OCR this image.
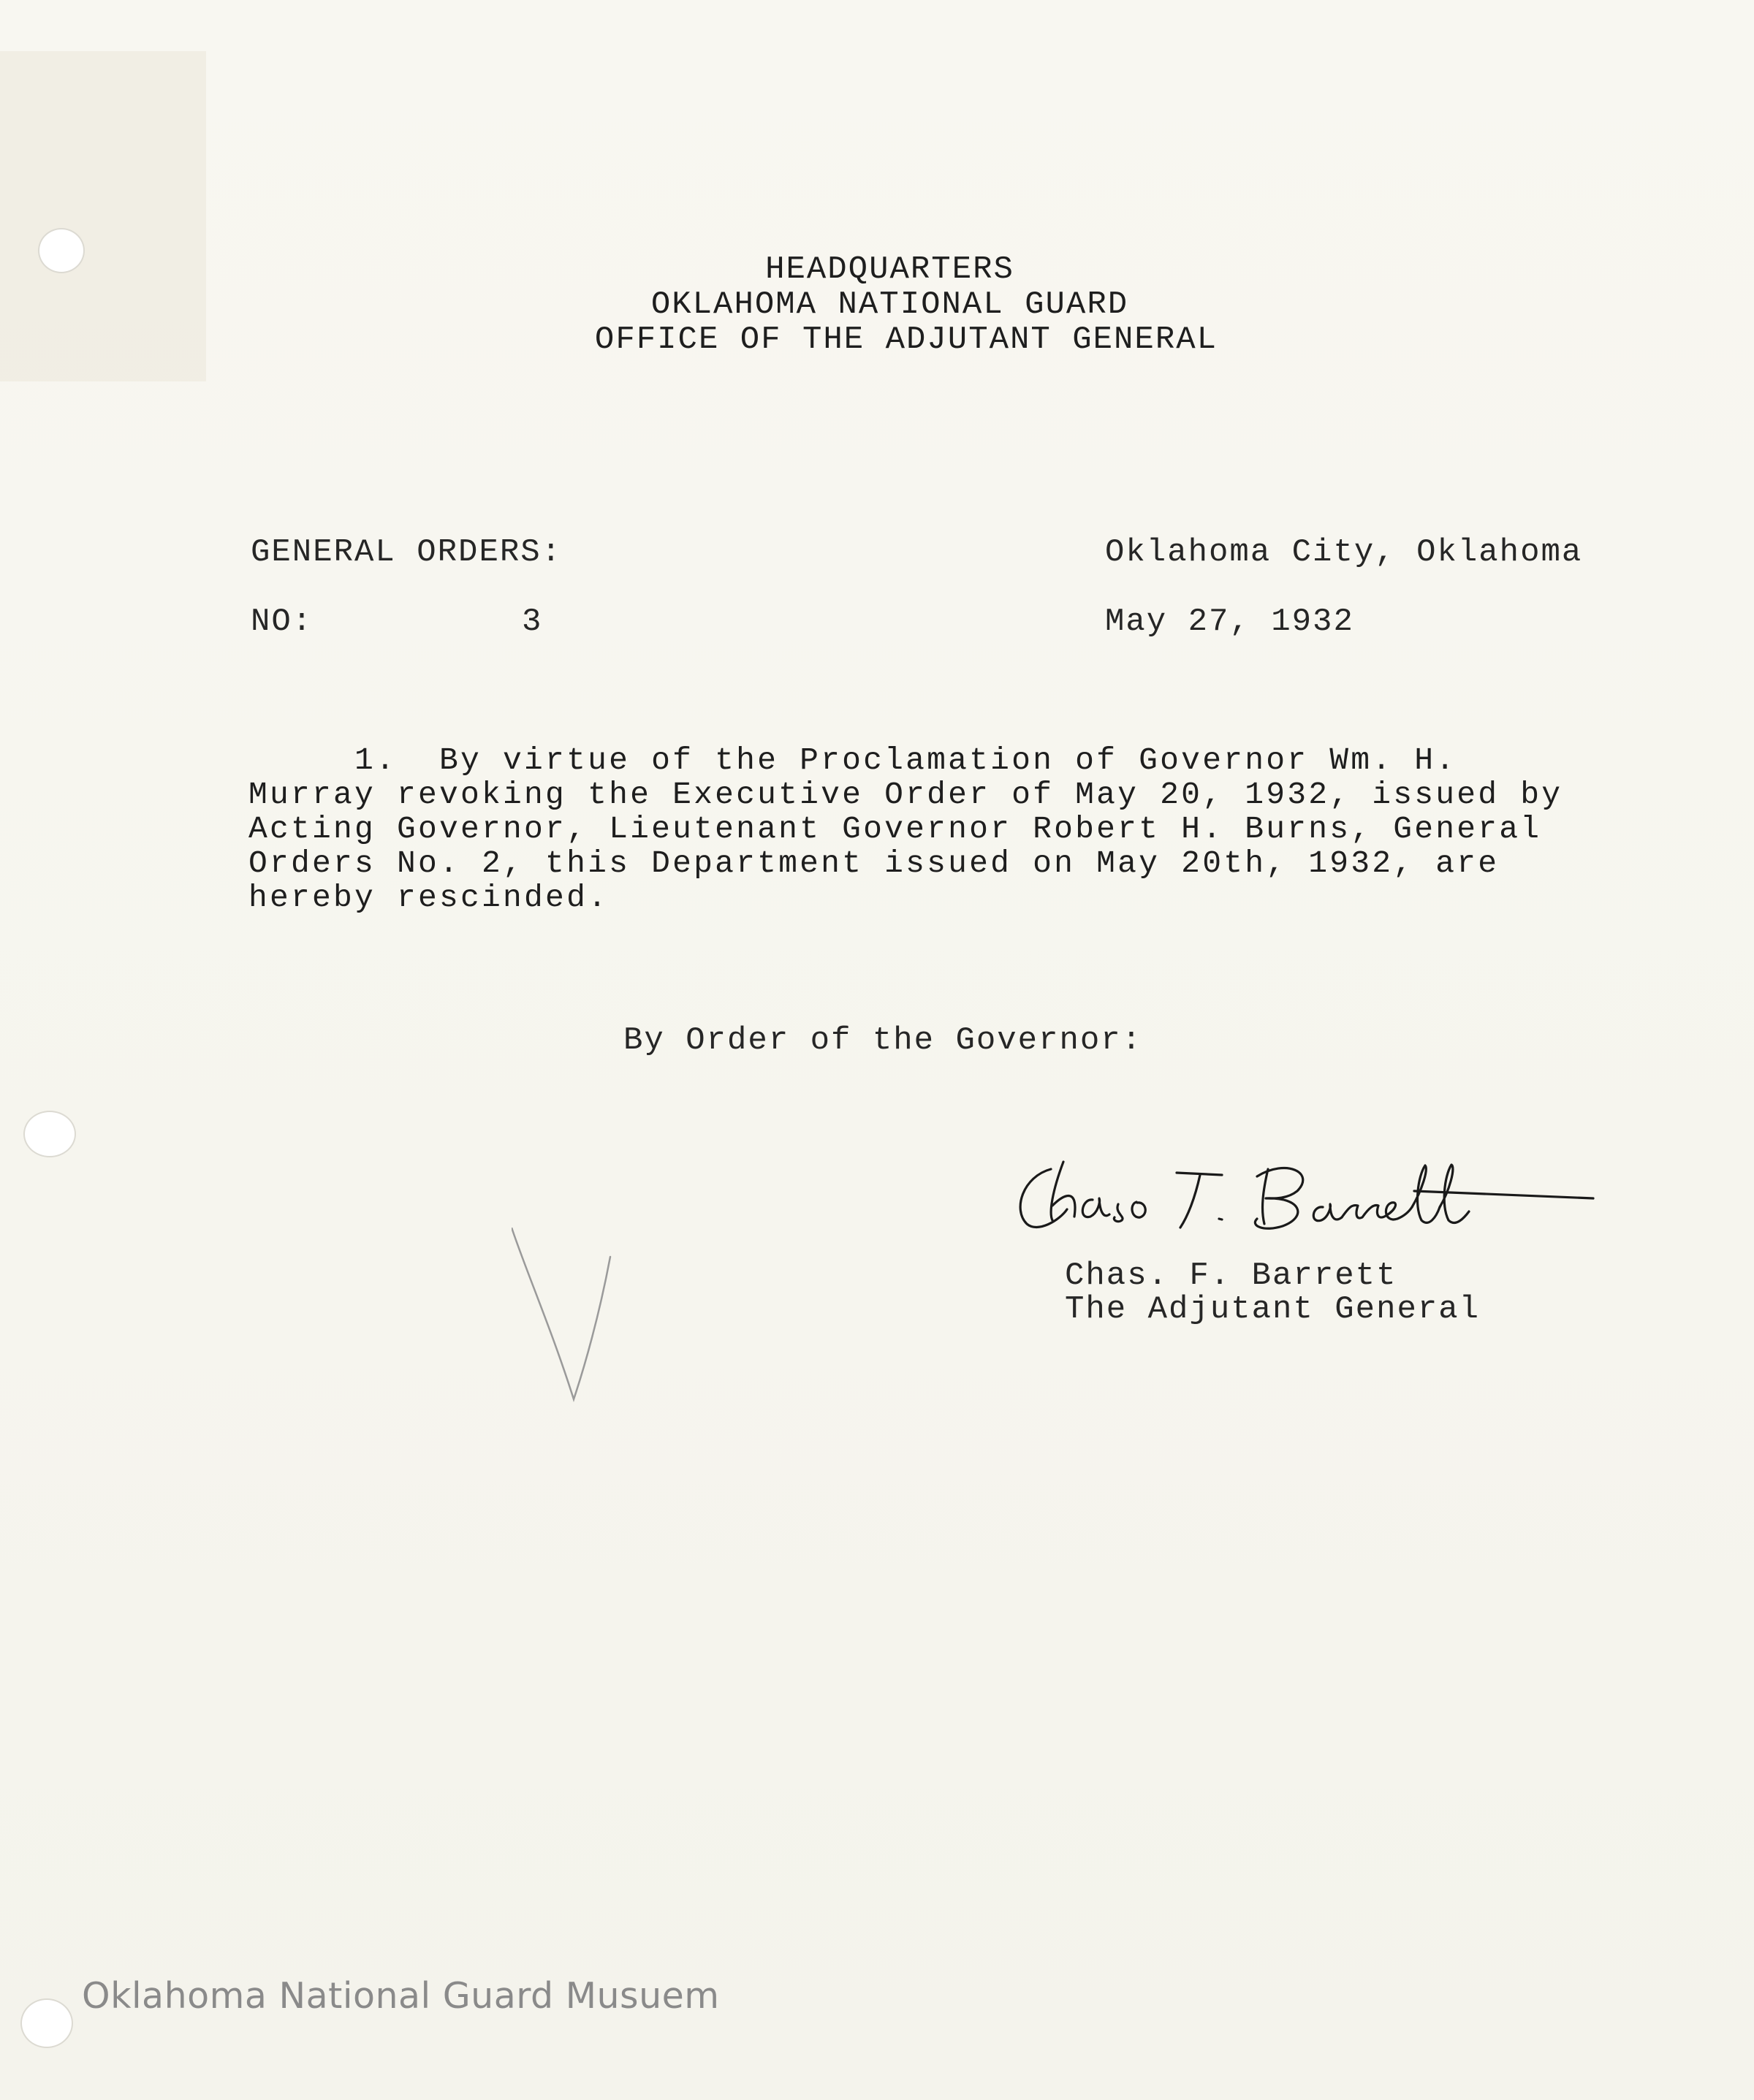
HEADQUARTERS
OKLAHOMA NATIONAL GUARD
OFFICE OF THE ADJUTANT GENERAL
GENERAL ORDERS:
NO:	3
Oklahoma City, Oklahoma
May 27, 1932
1.  By virtue of the Proclamation of Governor Wm. H.
Murray revoking the Executive Order of May 20, 1932, issued by
Acting Governor, Lieutenant Governor Robert H. Burns, General
Orders No. 2, this Department issued on May 20th, 1932, are
hereby rescinded.
By Order of the Governor:
Chas. F. Barrett
The Adjutant General
Oklahoma National Guard Musuem
